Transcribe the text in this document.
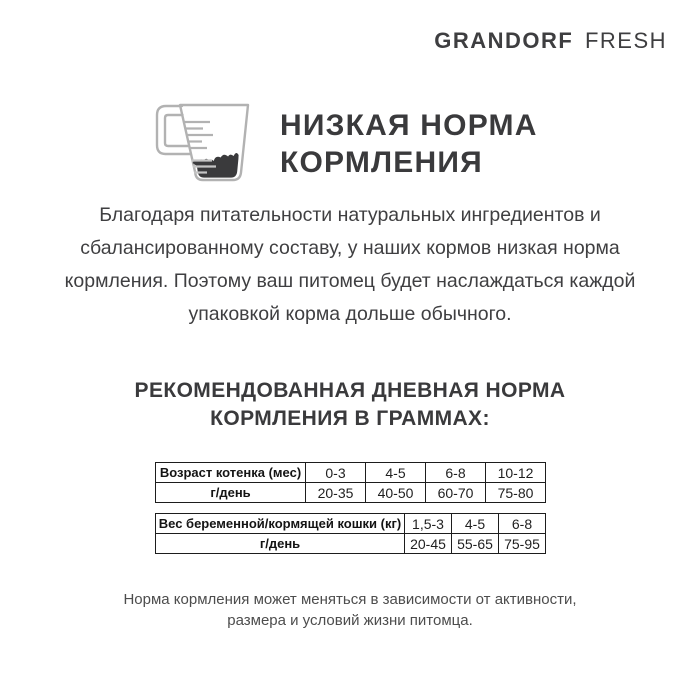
GRANDORF FRESH
НИЗКАЯ НОРМА КОРМЛЕНИЯ

Благодаря питательности натуральных ингредиентов и сбалансированному составу, у наших кормов низкая норма кормления. Поэтому ваш питомец будет наслаждаться каждой упаковкой корма дольше обычного.

РЕКОМЕНДОВАННАЯ ДНЕВНАЯ НОРМА КОРМЛЕНИЯ В ГРАММАХ:
Возраст котенка (мес)	0-3	4-5	6-8	10-12
г/день	20-35	40-50	60-70	75-80
Вес беременной/кормящей кошки (кг)	1,5-3	4-5	6-8
г/день	20-45	55-65	75-95

Норма кормления может меняться в зависимости от активности, размера и условий жизни питомца.
